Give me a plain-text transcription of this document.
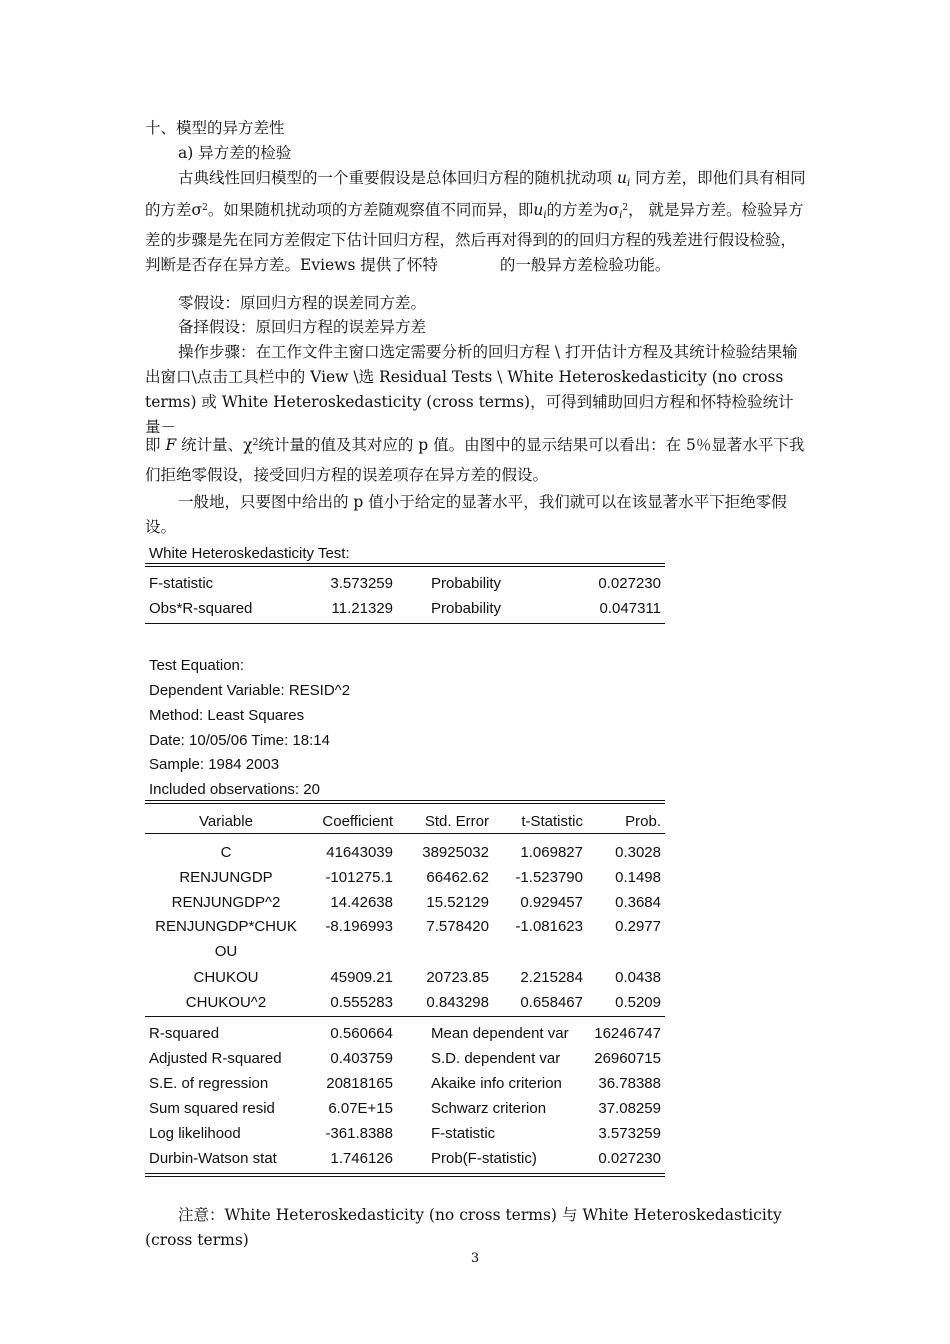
十、模型的异方差性

a) 异方差的检验

古典线性回归模型的一个重要假设是总体回归方程的随机扰动项 $u_i$ 同方差，即他们具有相同的方差$\sigma^2$。如果随机扰动项的方差随观察值不同而异，即$u_i$的方差为$\sigma_i^2$， 就是异方差。检验异方差的步骤是先在同方差假定下估计回归方程，然后再对得到的的回归方程的残差进行假设检验，判断是否存在异方差。Eviews 提供了怀特	的一般异方差检验功能。

零假设：原回归方程的误差同方差。

备择假设：原回归方程的误差异方差

操作步骤：在工作文件主窗口选定需要分析的回归方程 \ 打开估计方程及其统计检验结果输出窗口\点击工具栏中的 View \选 Residual Tests \ White Heteroskedasticity (no cross terms) 或 White Heteroskedasticity (cross terms)，可得到辅助回归方程和怀特检验统计量－

即 F 统计量、$\chi^2$统计量的值及其对应的 p 值。由图中的显示结果可以看出：在 5％显著水平下我们拒绝零假设，接受回归方程的误差项存在异方差的假设。

一般地，只要图中给出的 p 值小于给定的显著水平，我们就可以在该显著水平下拒绝零假设。

White Heteroskedasticity Test:
F-statistic	3.573259	Probability	0.027230
Obs*R-squared	11.21329	Probability	0.047311
Test Equation:
Dependent Variable: RESID^2
Method: Least Squares
Date: 10/05/06 Time: 18:14
Sample: 1984 2003
Included observations: 20
Variable	Coefficient Std. Error t-Statistic	Prob.
C	41643039 38925032 1.069827 0.3028
RENJUNGDP	-101275.1 66462.62 -1.523790 0.1498
RENJUNGDP^2	14.42638 15.52129 0.929457 0.3684
RENJUNGDP*CHUK	-8.196993 7.578420 -1.081623 0.2977
OU
CHUKOU	45909.21 20723.85 2.215284 0.0438
CHUKOU^2	0.555283 0.843298 0.658467 0.5209
R-squared	0.560664	Mean dependent var 16246747
Adjusted R-squared	0.403759	S.D. dependent var 26960715
S.E. of regression	20818165	Akaike info criterion 36.78388
Sum squared resid	6.07E+15	Schwarz criterion	37.08259
Log likelihood	-361.8388	F-statistic	3.573259
Durbin-Watson stat	1.746126	Prob(F-statistic)	0.027230

注意：White Heteroskedasticity (no cross terms) 与 White Heteroskedasticity (cross terms)

3
